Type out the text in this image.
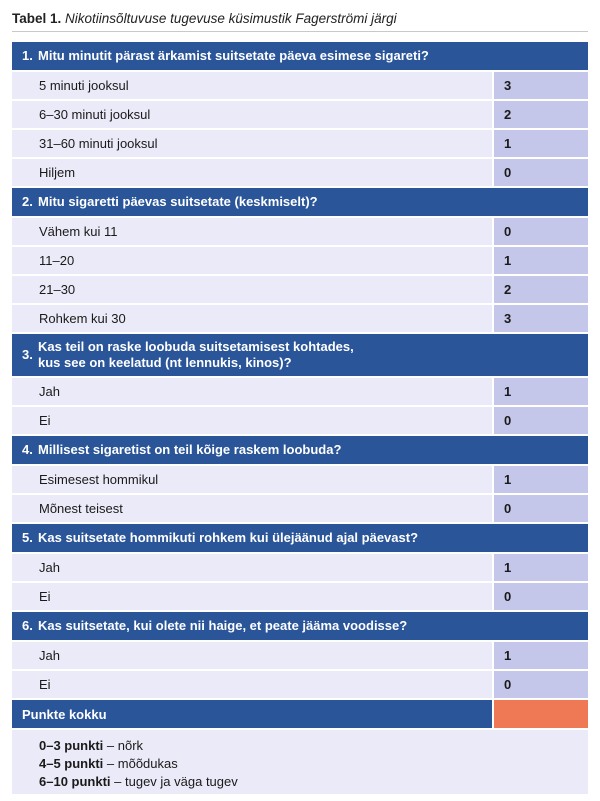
Tabel 1. Nikotiinsõltuvuse tugevuse küsimustik Fagerströmi järgi
1. Mitu minutit pärast ärkamist suitsetate päeva esimese sigareti?
5 minuti jooksul	3
6–30 minuti jooksul	2
31–60 minuti jooksul	1
Hiljem	0
2. Mitu sigaretti päevas suitsetate (keskmiselt)?
Vähem kui 11	0
11–20	1
21–30	2
Rohkem kui 30	3
3.
Kas teil on raske loobuda suitsetamisest kohtades,
kus see on keelatud (nt lennukis, kinos)?
Jah	1
Ei	0
4. Millisest sigaretist on teil kõige raskem loobuda?
Esimesest hommikul	1
Mõnest teisest	0
5. Kas suitsetate hommikuti rohkem kui ülejäänud ajal päevast?
Jah	1
Ei	0
6. Kas suitsetate, kui olete nii haige, et peate jääma voodisse?
Jah	1
Ei	0
Punkte kokku
0–3 punkti – nõrk
4–5 punkti – mõõdukas
6–10 punkti – tugev ja väga tugev
